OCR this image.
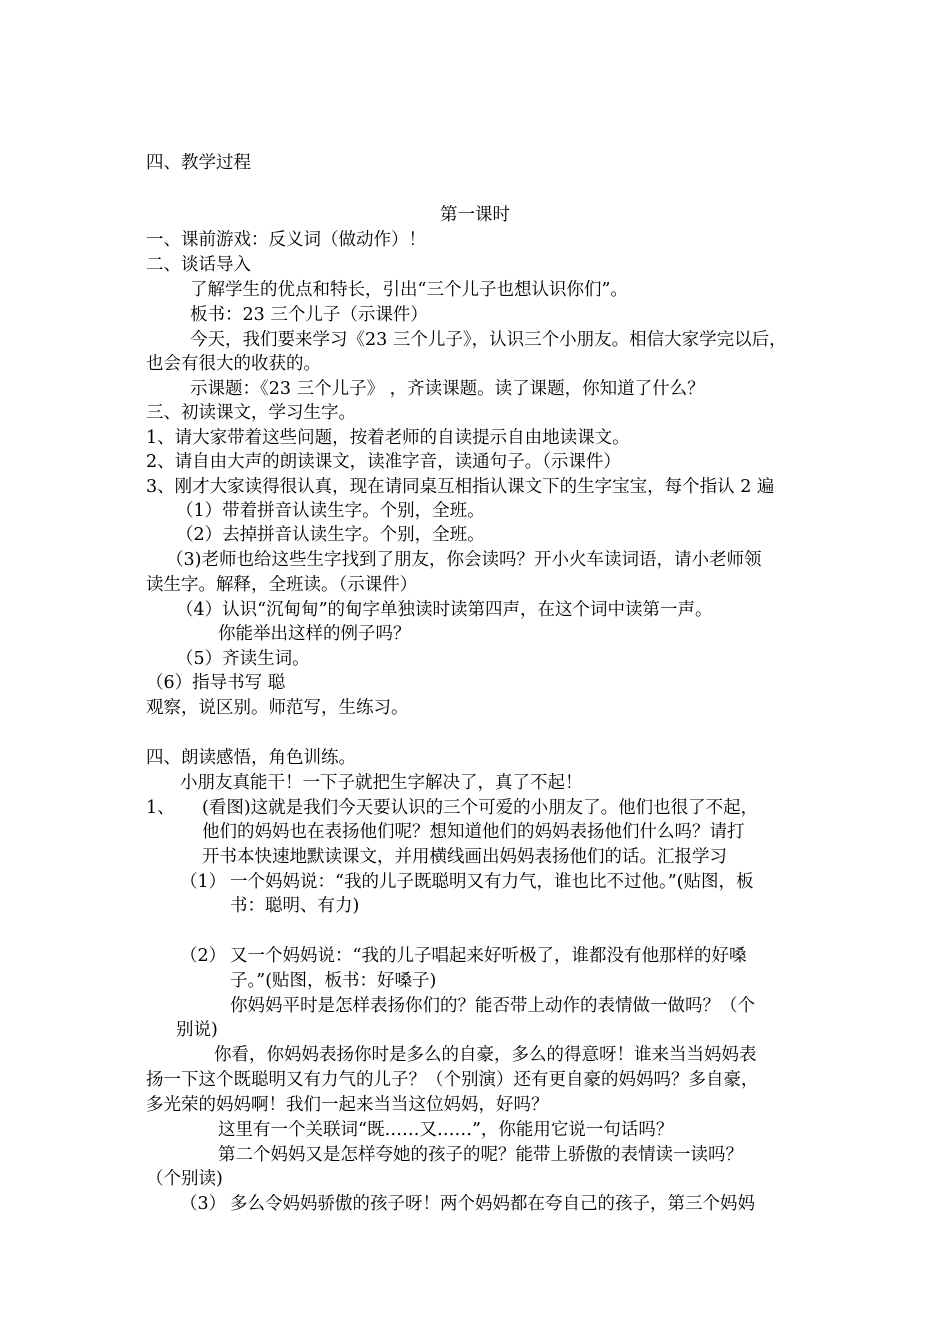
四、教学过程

第一课时

一、课前游戏：反义词（做动作）！

二、谈话导入

了解学生的优点和特长，引出“三个儿子也想认识你们”。

板书：23 三个儿子（示课件）

今天，我们要来学习《23 三个儿子》，认识三个小朋友。相信大家学完以后，

也会有很大的收获的。

示课题：《23 三个儿子》 ，齐读课题。读了课题，你知道了什么？

三、初读课文，学习生字。

1、请大家带着这些问题，按着老师的自读提示自由地读课文。

2、请自由大声的朗读课文，读准字音，读通句子。（示课件）

3、刚才大家读得很认真，现在请同桌互相指认课文下的生字宝宝，每个指认 2 遍

（1）带着拼音认读生字。个别，全班。

（2）去掉拼音认读生字。个别，全班。

（3)老师也给这些生字找到了朋友，你会读吗？开小火车读词语，请小老师领

读生字。解释，全班读。（示课件）

（4）认识“沉甸甸”的甸字单独读时读第四声，在这个词中读第一声。

你能举出这样的例子吗？

（5）齐读生词。

（6）指导书写 聪

观察，说区别。师范写，生练习。

四、朗读感悟，角色训练。

小朋友真能干！一下子就把生字解决了，真了不起！

1、 (看图)这就是我们今天要认识的三个可爱的小朋友了。他们也很了不起，

他们的妈妈也在表扬他们呢？想知道他们的妈妈表扬他们什么吗？请打

开书本快速地默读课文，并用横线画出妈妈表扬他们的话。汇报学习

（1） 一个妈妈说：“我的儿子既聪明又有力气，谁也比不过他。”(贴图，板

书：聪明、有力)

（2） 又一个妈妈说：“我的儿子唱起来好听极了，谁都没有他那样的好嗓

子。”(贴图，板书：好嗓子)

你妈妈平时是怎样表扬你们的？能否带上动作的表情做一做吗？（个

别说)

你看，你妈妈表扬你时是多么的自豪，多么的得意呀！谁来当当妈妈表

扬一下这个既聪明又有力气的儿子？（个别演）还有更自豪的妈妈吗？多自豪，

多光荣的妈妈啊！我们一起来当当这位妈妈，好吗？

这里有一个关联词“既……又……”，你能用它说一句话吗？

第二个妈妈又是怎样夸她的孩子的呢？能带上骄傲的表情读一读吗？

（个别读)

（3） 多么令妈妈骄傲的孩子呀！两个妈妈都在夸自己的孩子，第三个妈妈
